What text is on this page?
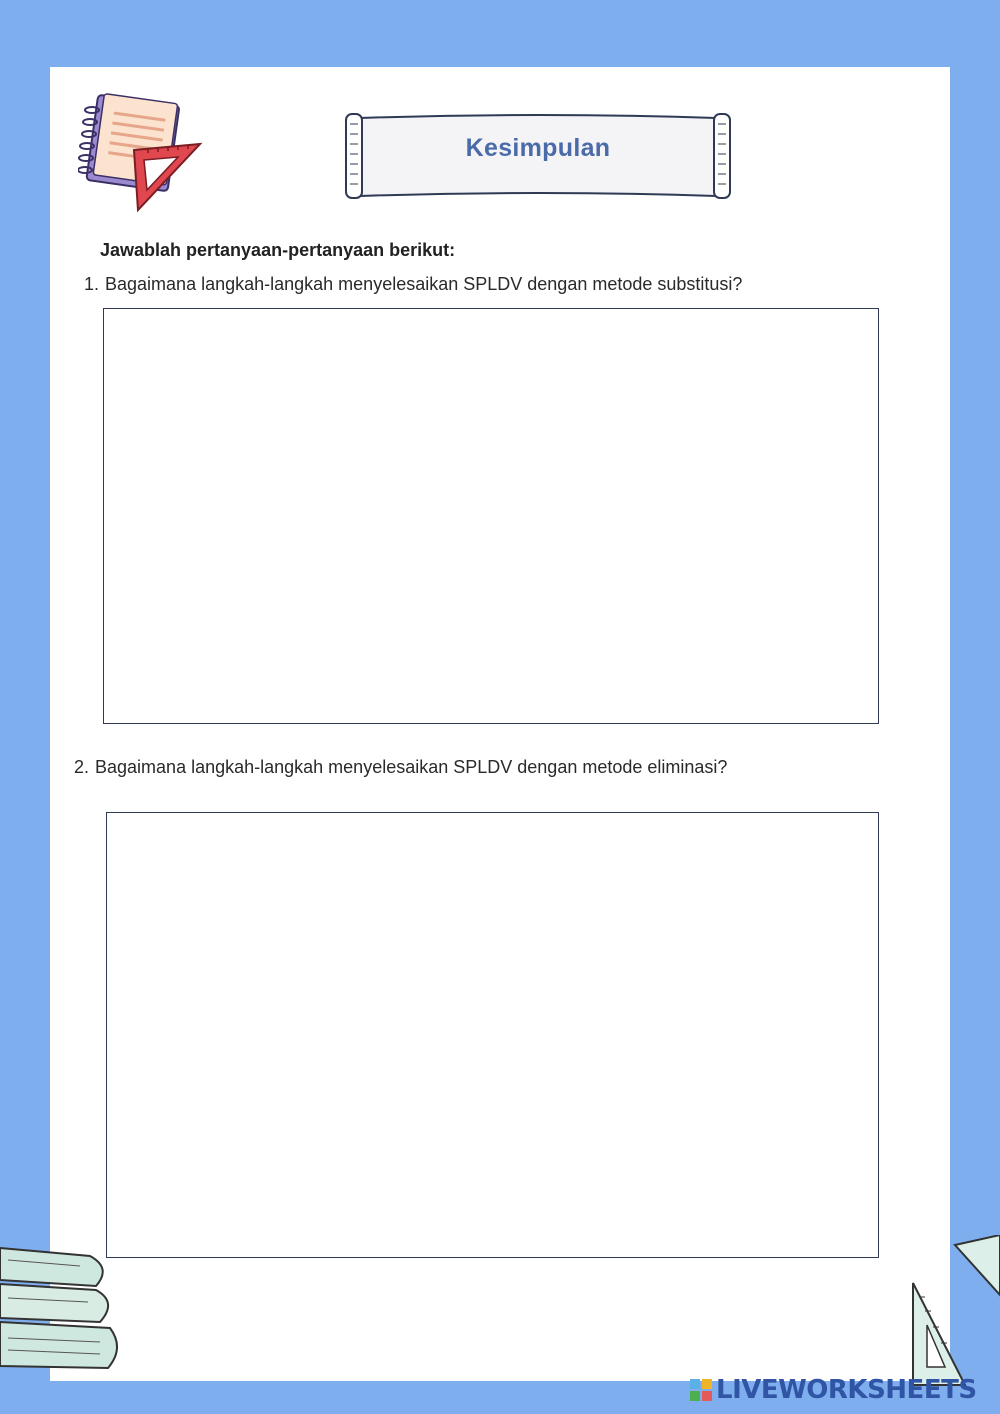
Kesimpulan
Jawablah pertanyaan-pertanyaan berikut:
1. Bagaimana langkah-langkah menyelesaikan SPLDV dengan metode substitusi?
2. Bagaimana langkah-langkah menyelesaikan SPLDV dengan metode eliminasi?
LIVEWORKSHEETS
